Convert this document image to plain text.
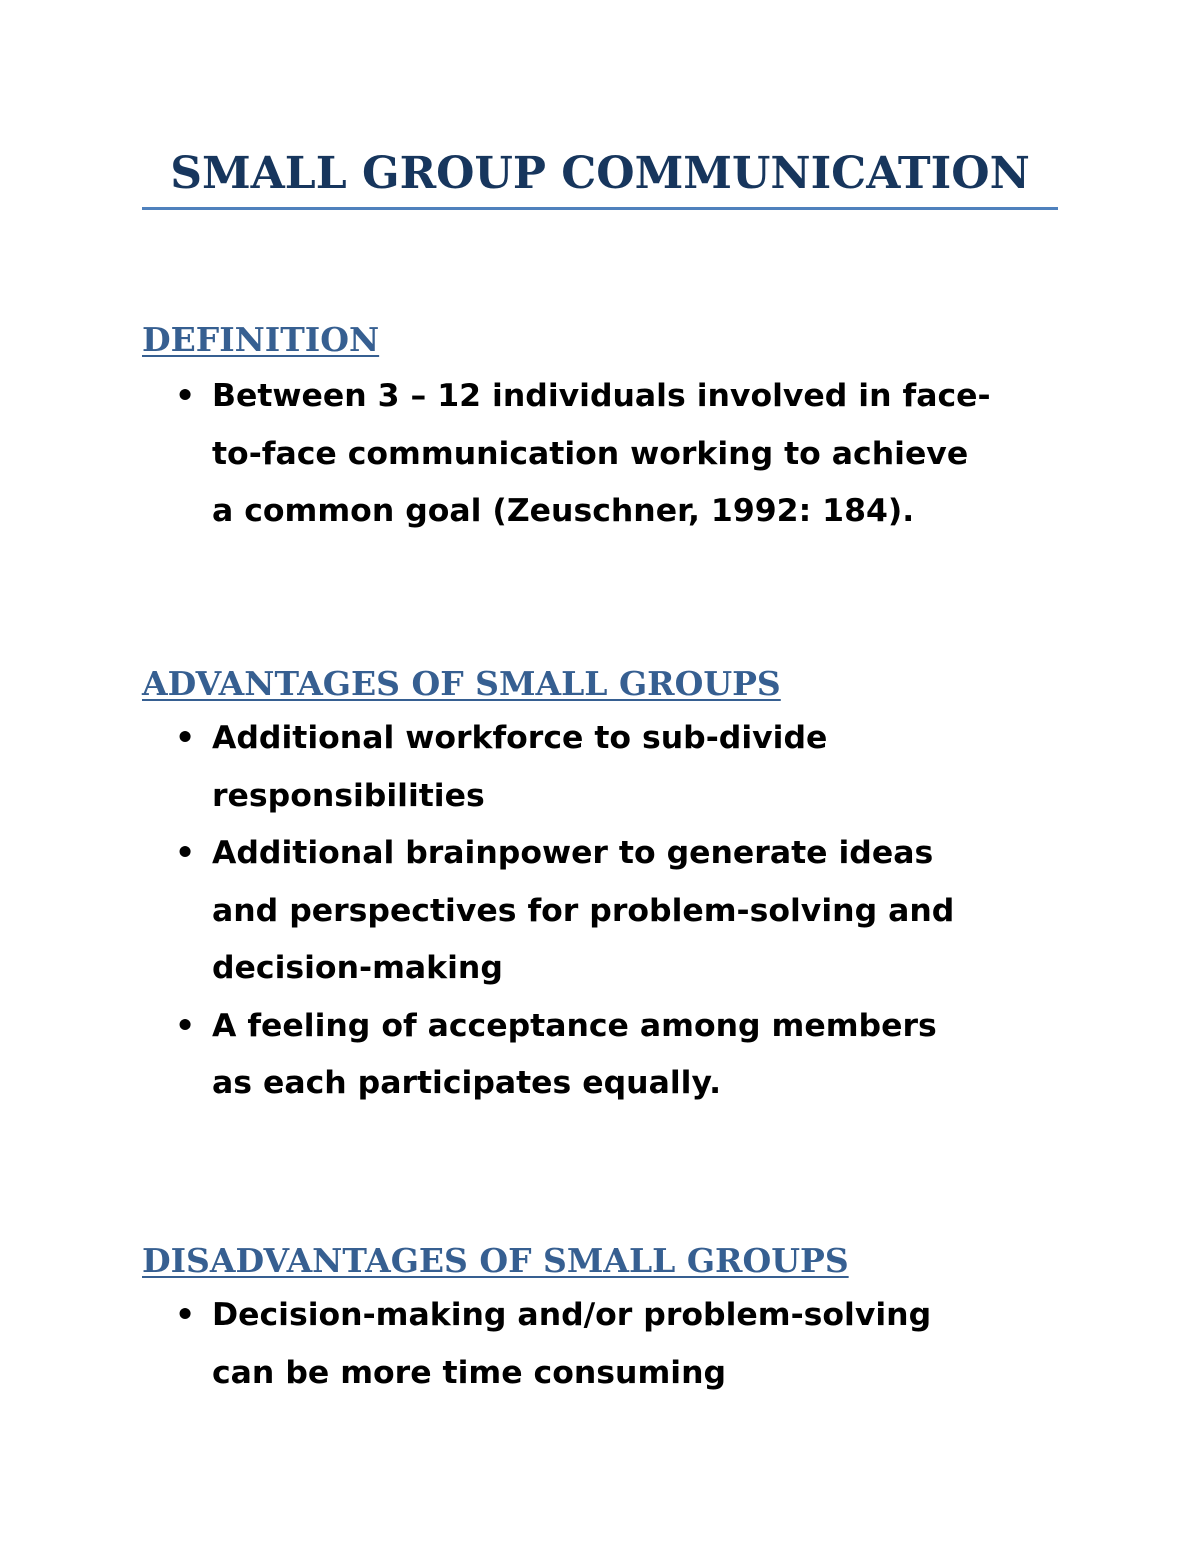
SMALL GROUP COMMUNICATION
DEFINITION
• Between 3 – 12 individuals involved in face-
to-face communication working to achieve
a common goal (Zeuschner, 1992: 184).
ADVANTAGES OF SMALL GROUPS
• Additional workforce to sub-divide
responsibilities
• Additional brainpower to generate ideas
and perspectives for problem-solving and
decision-making
• A feeling of acceptance among members
as each participates equally.
DISADVANTAGES OF SMALL GROUPS
• Decision-making and/or problem-solving
can be more time consuming
